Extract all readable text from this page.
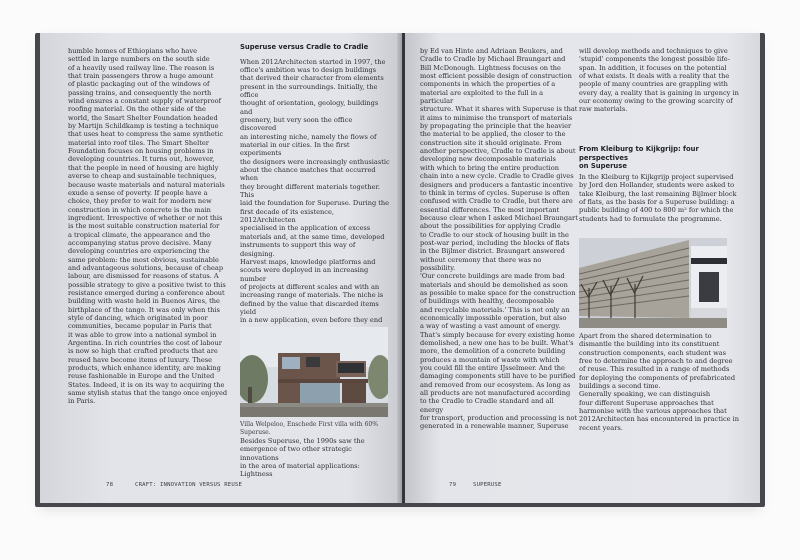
humble homes of Ethiopians who have
settled in large numbers on the south side
of a heavily used railway line. The reason is
that train passengers throw a huge amount
of plastic packaging out of the windows of
passing trains, and consequently the north
wind ensures a constant supply of waterproof
roofing material. On the other side of the
world, the Smart Shelter Foundation headed
by Martijn Schildkamp is testing a technique
that uses heat to compress the same synthetic
material into roof tiles. The Smart Shelter
Foundation focuses on housing problems in
developing countries. It turns out, however,
that the people in need of housing are highly
averse to cheap and sustainable techniques,
because waste materials and natural materials
exude a sense of poverty. If people have a
choice, they prefer to wait for modern new
construction in which concrete is the main
ingredient. Irrespective of whether or not this
is the most suitable construction material for
a tropical climate, the appearance and the
accompanying status prove decisive. Many
developing countries are experiencing the
same problem: the most obvious, sustainable
and advantageous solutions, because of cheap
labour, are dismissed for reasons of status. A
possible strategy to give a positive twist to this
resistance emerged during a conference about
building with waste held in Buenos Aires, the
birthplace of the tango. It was only when this
style of dancing, which originated in poor
communities, became popular in Paris that
it was able to grow into a national symbol in
Argentina. In rich countries the cost of labour
is now so high that crafted products that are
reused have become items of luxury. These
products, which enhance identity, are making
reuse fashionable in Europe and the United
States. Indeed, it is on its way to acquiring the
same stylish status that the tango once enjoyed
in Paris.
Superuse versus Cradle to Cradle
When 2012Architecten started in 1997, the
office's ambition was to design buildings
that derived their character from elements
present in the surroundings. Initially, the office
thought of orientation, geology, buildings and
greenery, but very soon the office discovered
an interesting niche, namely the flows of
material in our cities. In the first experiments
the designers were increasingly enthusiastic
about the chance matches that occurred when
they brought different materials together. This
laid the foundation for Superuse. During the
first decade of its existence, 2012Architecten
specialised in the application of excess
materials and, at the same time, developed
instruments to support this way of designing.
Harvest maps, knowledge platforms and
scouts were deployed in an increasing number
of projects at different scales and with an
increasing range of materials. The niche is
defined by the value that discarded items yield
in a new application, even before they end
Villa Welpeloo, Enschede First villa with 60% Superuse.
Besides Superuse, the 1990s saw the
emergence of two other strategic innovations
in the area of material applications: Lightness
78	CRAFT: INNOVATION VERSUS REUSE
by Ed van Hinte and Adriaan Beukers, and
Cradle to Cradle by Michael Braungart and
Bill McDonough. Lightness focuses on the
most efficient possible design of construction
components in which the properties of a
material are exploited to the full in a particular
structure. What it shares with Superuse is that
it aims to minimise the transport of materials
by propagating the principle that the heavier
the material to be applied, the closer to the
construction site it should originate. From
another perspective, Cradle to Cradle is about
developing new decomposable materials
with which to bring the entire production
chain into a new cycle. Cradle to Cradle gives
designers and producers a fantastic incentive
to think in terms of cycles. Superuse is often
confused with Cradle to Cradle, but there are
essential differences. The most important
because clear when I asked Michael Braungart
about the possibilities for applying Cradle
to Cradle to our stock of housing built in the
post-war period, including the blocks of flats
in the Bijlmer district. Braungart answered
without ceremony that there was no possibility.
'Our concrete buildings are made from bad
materials and should be demolished as soon
as possible to make space for the construction
of buildings with healthy, decomposable
and recyclable materials.' This is not only an
economically impossible operation, but also
a way of wasting a vast amount of energy.
That's simply because for every existing home
demolished, a new one has to be built. What's
more, the demolition of a concrete building
produces a mountain of waste with which
you could fill the entire IJsselmeer. And the
damaging components still have to be purified
and removed from our ecosystem. As long as
all products are not manufactured according
to the Cradle to Cradle standard and all energy
for transport, production and processing is not
generated in a renewable manner, Superuse
will develop methods and techniques to give
'stupid' components the longest possible life-
span. In addition, it focuses on the potential
of what exists. It deals with a reality that the
people of many countries are grappling with
every day, a reality that is gaining in urgency in
our economy owing to the growing scarcity of
raw materials.
From Kleiburg to Kijkgrijp: four perspectives
on Superuse
In the Kleiburg to Kijkgrijp project supervised
by Jord den Hollander, students were asked to
take Kleiburg, the last remaining Bijlmer block
of flats, as the basis for a Superuse building: a
public building of 400 to 800 m² for which the
students had to formulate the programme.
Apart from the shared determination to
dismantle the building into its constituent
construction components, each student was
free to determine the approach to and degree
of reuse. This resulted in a range of methods
for deploying the components of prefabricated
buildings a second time.
Generally speaking, we can distinguish
four different Superuse approaches that
harmonise with the various approaches that
2012Architecten has encountered in practice in
recent years.
79	SUPERUSE
